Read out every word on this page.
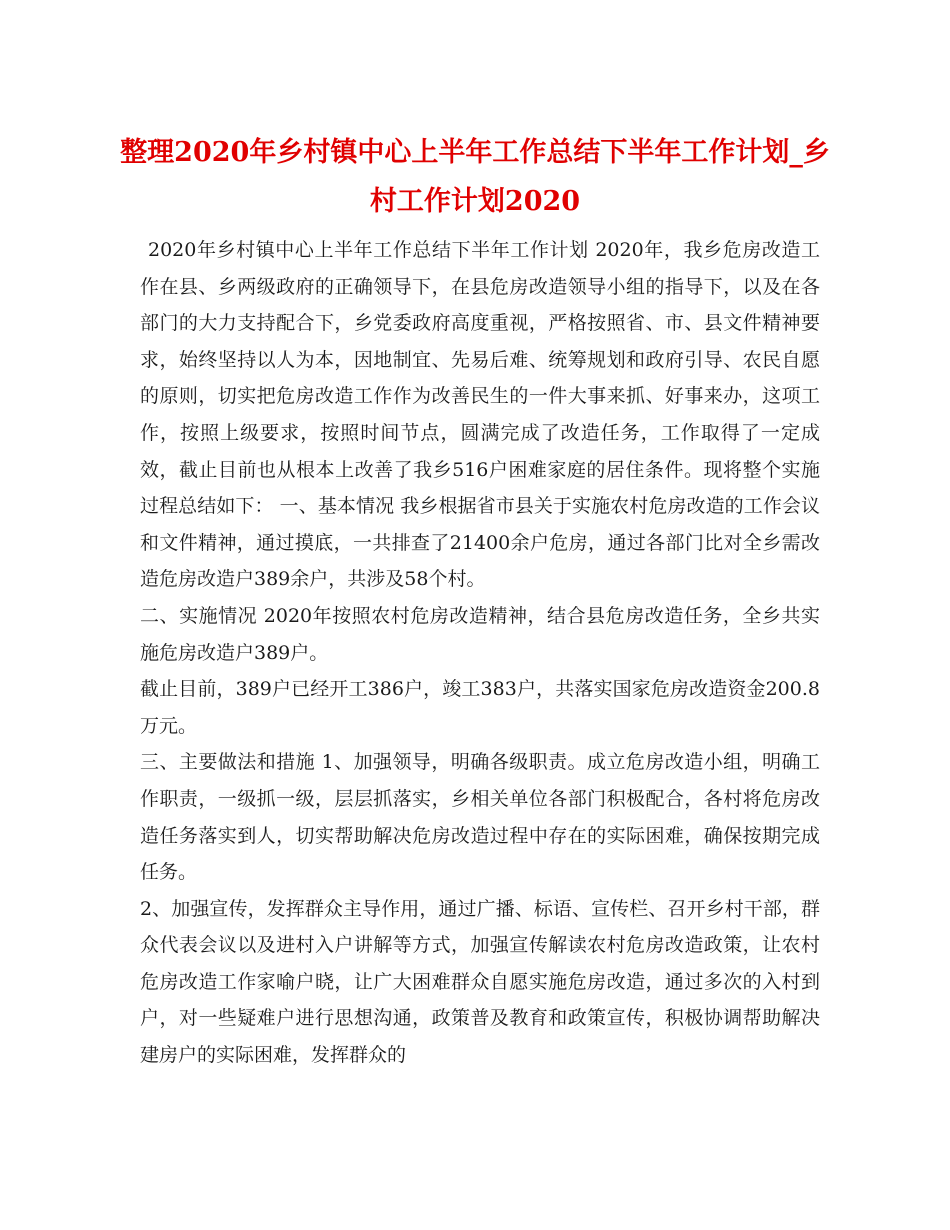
整理2020年乡村镇中心上半年工作总结下半年工作计划_乡村工作计划2020

2020年乡村镇中心上半年工作总结下半年工作计划 2020年，我乡危房改造工作在县、乡两级政府的正确领导下，在县危房改造领导小组的指导下，以及在各部门的大力支持配合下，乡党委政府高度重视，严格按照省、市、县文件精神要求，始终坚持以人为本，因地制宜、先易后难、统筹规划和政府引导、农民自愿的原则，切实把危房改造工作作为改善民生的一件大事来抓、好事来办，这项工作，按照上级要求，按照时间节点，圆满完成了改造任务，工作取得了一定成效，截止目前也从根本上改善了我乡516户困难家庭的居住条件。现将整个实施过程总结如下： 一、基本情况 我乡根据省市县关于实施农村危房改造的工作会议和文件精神，通过摸底，一共排查了21400余户危房，通过各部门比对全乡需改造危房改造户389余户，共涉及58个村。

二、实施情况 2020年按照农村危房改造精神，结合县危房改造任务，全乡共实施危房改造户389户。

截止目前，389户已经开工386户，竣工383户，共落实国家危房改造资金200.8万元。

三、主要做法和措施 1、加强领导，明确各级职责。成立危房改造小组，明确工作职责，一级抓一级，层层抓落实，乡相关单位各部门积极配合，各村将危房改造任务落实到人，切实帮助解决危房改造过程中存在的实际困难，确保按期完成任务。

2、加强宣传，发挥群众主导作用，通过广播、标语、宣传栏、召开乡村干部，群众代表会议以及进村入户讲解等方式，加强宣传解读农村危房改造政策，让农村危房改造工作家喻户晓，让广大困难群众自愿实施危房改造，通过多次的入村到户，对一些疑难户进行思想沟通，政策普及教育和政策宣传，积极协调帮助解决建房户的实际困难，发挥群众的
